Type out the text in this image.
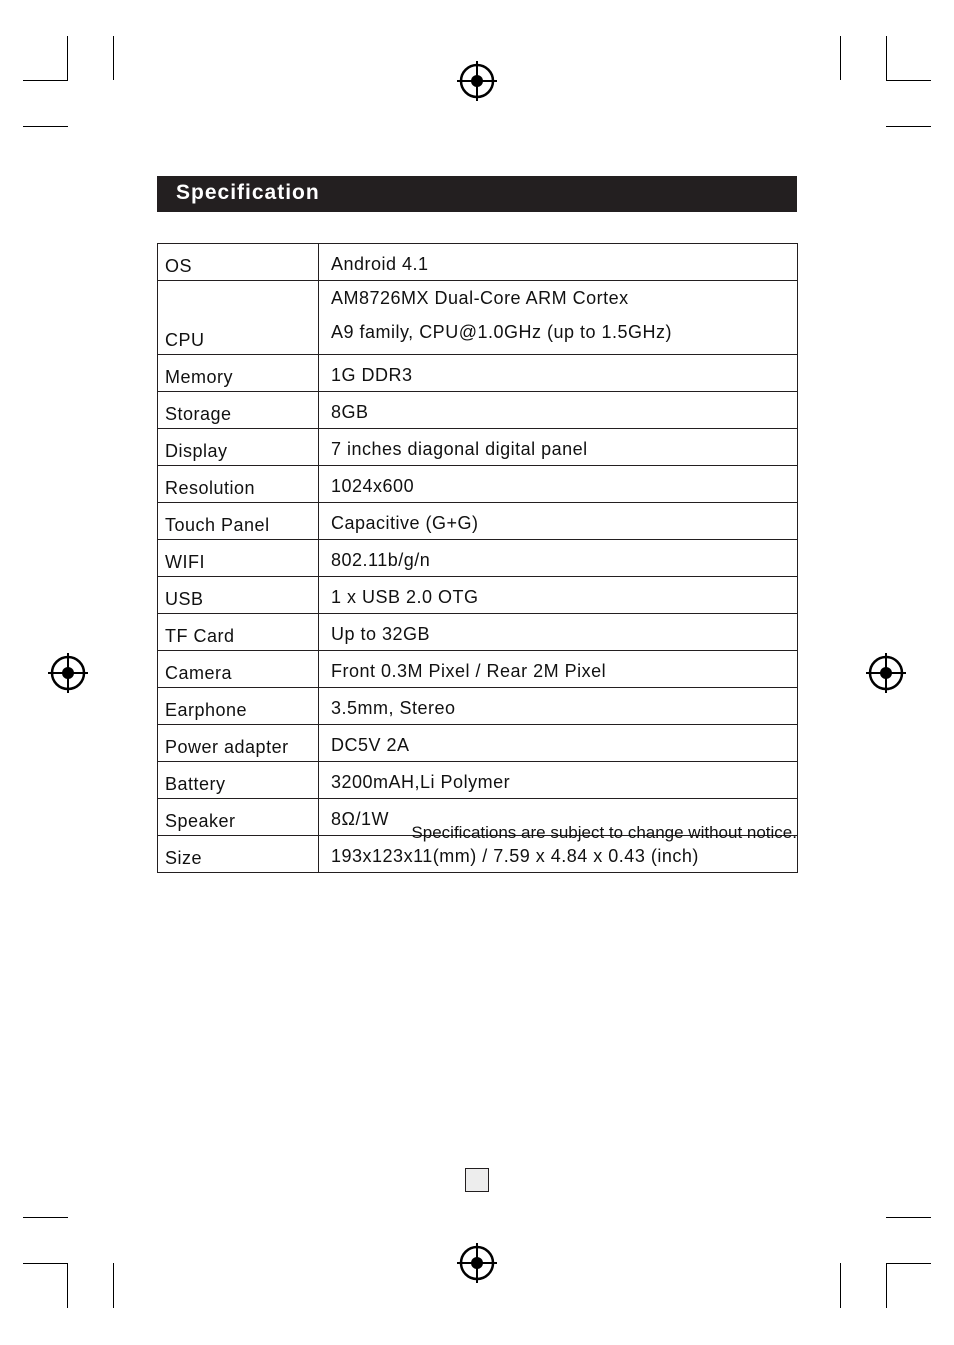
Specification
OS	Android 4.1
CPU	AM8726MX Dual-Core ARM Cortex
A9 family, CPU@1.0GHz (up to 1.5GHz)

Memory	1G DDR3
Storage	8GB
Display	7 inches diagonal digital panel
Resolution	1024x600
Touch Panel	Capacitive (G+G)
WIFI	802.11b/g/n
USB	1 x USB 2.0 OTG
TF Card	Up to 32GB
Camera	Front 0.3M Pixel / Rear 2M Pixel
Earphone	3.5mm, Stereo
Power adapter	DC5V 2A
Battery	3200mAH,Li Polymer
Speaker	8Ω/1W
Size	193x123x11(mm) / 7.59 x 4.84 x 0.43 (inch)
Specifications are subject to change without notice.
